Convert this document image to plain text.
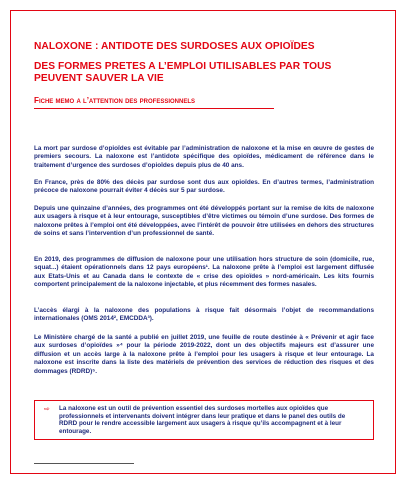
NALOXONE : ANTIDOTE DES SURDOSES AUX OPIOÏDES
DES FORMES PRETES A L’EMPLOI UTILISABLES PAR TOUS
PEUVENT SAUVER LA VIE
Fiche memo a l’attention des professionnels

La mort par surdose d’opioïdes est évitable par l’administration de naloxone et la mise en œuvre de gestes de premiers secours. La naloxone est l’antidote spécifique des opioïdes, médicament de référence dans le traitement d’urgence des surdoses d’opioïdes depuis plus de 40 ans.

En France, près de 80% des décès par surdose sont dus aux opioïdes. En d’autres termes, l’administration précoce de naloxone pourrait éviter 4 décès sur 5 par surdose.

Depuis une quinzaine d’années, des programmes ont été développés portant sur la remise de kits de naloxone aux usagers à risque et à leur entourage, susceptibles d’être victimes ou témoin d’une surdose. Des formes de naloxone prêtes à l’emploi ont été développées, avec l’intérêt de pouvoir être utilisées en dehors des structures de soins et sans l’intervention d’un professionnel de santé.

En 2019, des programmes de diffusion de naloxone pour une utilisation hors structure de soin (domicile, rue, squat...) étaient opérationnels dans 12 pays européens¹. La naloxone prête à l’emploi est largement diffusée aux Etats-Unis et au Canada dans le contexte de « crise des opioïdes » nord-américain. Les kits fournis comportent principalement de la naloxone injectable, et plus récemment des formes nasales.

L’accès élargi à la naloxone des populations à risque fait désormais l’objet de recommandations internationales (OMS 2014², EMCDDA³).

Le Ministère chargé de la santé a publié en juillet 2019, une feuille de route destinée à « Prévenir et agir face aux surdoses d’opioïdes »⁴ pour la période 2019-2022, dont un des objectifs majeurs est d’assurer une diffusion et un accès large à la naloxone prête à l’emploi pour les usagers à risque et leur entourage. La naloxone est inscrite dans la liste des matériels de prévention des services de réduction des risques et des dommages (RDRD)⁵.

⇨ La naloxone est un outil de prévention essentiel des surdoses mortelles aux opioïdes que professionnels et intervenants doivent intégrer dans leur pratique et dans le panel des outils de RDRD pour le rendre accessible largement aux usagers à risque qu’ils accompagnent et à leur entourage.
